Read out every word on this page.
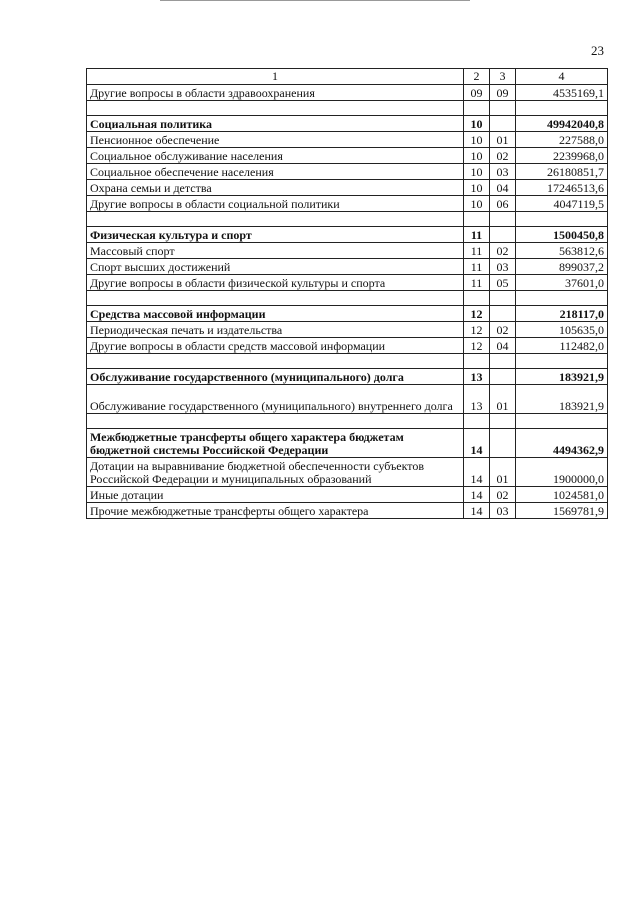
23
1	2	3	4
Другие вопросы в области здравоохранения	09	09	4535169,1

Социальная политика	10		49942040,8
Пенсионное обеспечение	10	01	227588,0
Социальное обслуживание населения	10	02	2239968,0
Социальное обеспечение населения	10	03	26180851,7
Охрана семьи и детства	10	04	17246513,6
Другие вопросы в области социальной политики	10	06	4047119,5

Физическая культура и спорт	11		1500450,8
Массовый спорт	11	02	563812,6
Спорт высших достижений	11	03	899037,2
Другие вопросы в области физической культуры и спорта	11	05	37601,0

Средства массовой информации	12		218117,0
Периодическая печать и издательства	12	02	105635,0
Другие вопросы в области средств массовой информации	12	04	112482,0

Обслуживание государственного (муниципального) долга	13		183921,9
Обслуживание государственного (муниципального) внутреннего долга	13	01	183921,9

Межбюджетные трансферты общего характера бюджетам бюджетной системы Российской Федерации	14		4494362,9
Дотации на выравнивание бюджетной обеспеченности субъектов Российской Федерации и муниципальных образований	14	01	1900000,0
Иные дотации	14	02	1024581,0
Прочие межбюджетные трансферты общего характера	14	03	1569781,9
